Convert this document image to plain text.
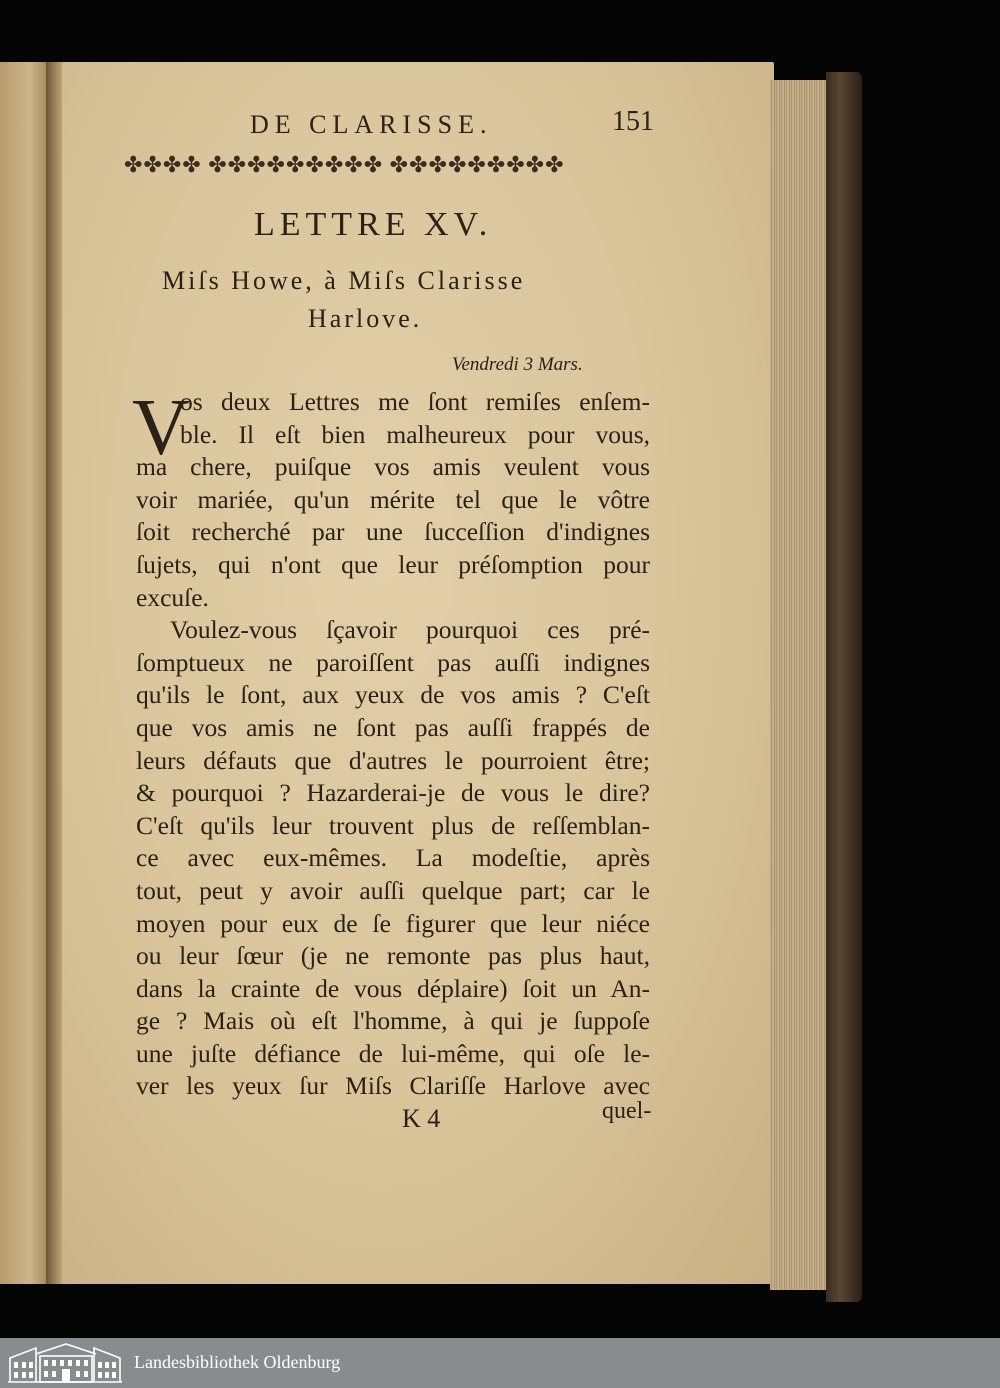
DE CLARISSE.	151
✤✤✤✤ ✤✤✤✤✤✤✤✤✤ ✤✤✤✤✤✤✤✤✤
LETTRE XV.
Miſs Howe, à Miſs Clarisse
Harlove.
Vendredi 3 Mars.
V
os deux Lettres me ſont remiſes enſem-
ble. Il eſt bien malheureux pour vous,
ma chere, puiſque vos amis veulent vous
voir mariée, qu'un mérite tel que le vôtre
ſoit recherché par une ſucceſſion d'indignes
ſujets, qui n'ont que leur préſomption pour
excuſe.
Voulez-vous ſçavoir pourquoi ces pré-
ſomptueux ne paroiſſent pas auſſi indignes
qu'ils le ſont, aux yeux de vos amis ? C'eſt
que vos amis ne ſont pas auſſi frappés de
leurs défauts que d'autres le pourroient être;
& pourquoi ? Hazarderai-je de vous le dire?
C'eſt qu'ils leur trouvent plus de reſſemblan-
ce avec eux-mêmes. La modeſtie, après
tout, peut y avoir auſſi quelque part; car le
moyen pour eux de ſe figurer que leur niéce
ou leur ſœur (je ne remonte pas plus haut,
dans la crainte de vous déplaire) ſoit un An-
ge ? Mais où eſt l'homme, à qui je ſuppoſe
une juſte défiance de lui-même, qui oſe le-
ver les yeux ſur Miſs Clariſſe Harlove avec
K 4	quel-
Landesbibliothek Oldenburg
